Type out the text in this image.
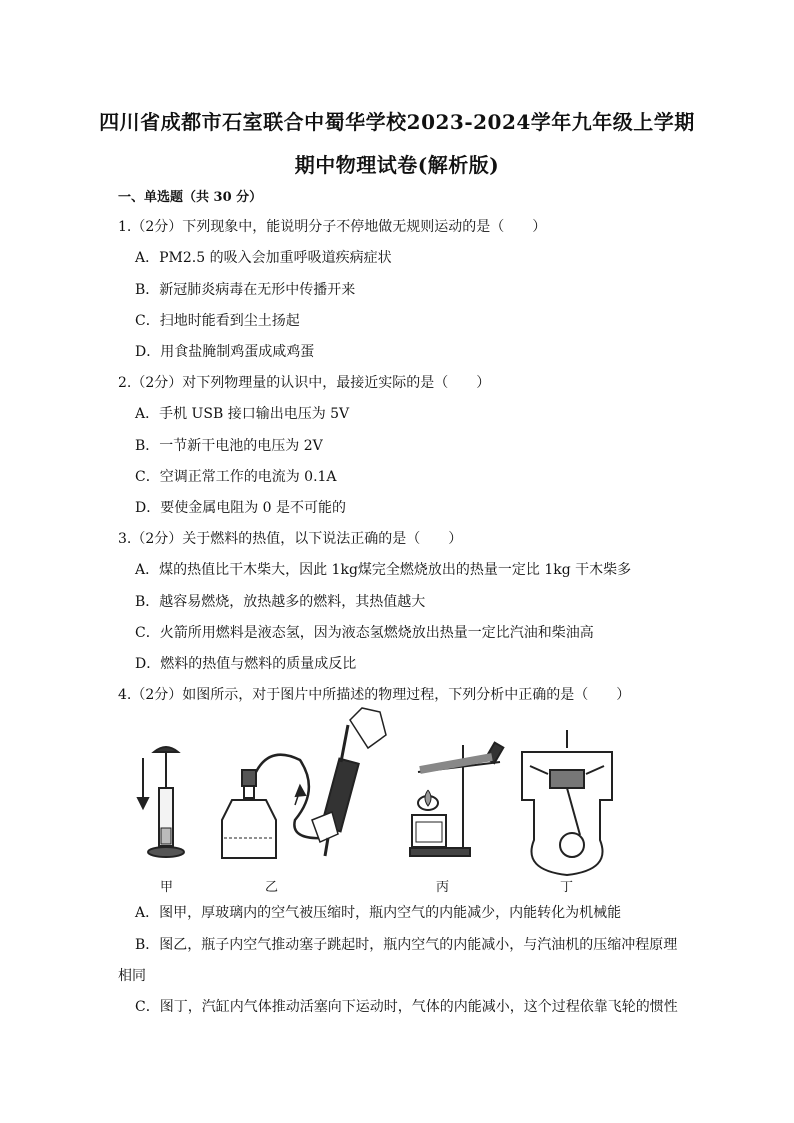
四川省成都市石室联合中蜀华学校2023-2024学年九年级上学期
期中物理试卷(解析版)
一、单选题（共 30 分）
1.（2分）下列现象中，能说明分子不停地做无规则运动的是（　　）
A．PM2.5 的吸入会加重呼吸道疾病症状
B．新冠肺炎病毒在无形中传播开来
C．扫地时能看到尘土扬起
D．用食盐腌制鸡蛋成咸鸡蛋
2.（2分）对下列物理量的认识中，最接近实际的是（　　）
A．手机 USB 接口输出电压为 5V
B．一节新干电池的电压为 2V
C．空调正常工作的电流为 0.1A
D．要使金属电阻为 0 是不可能的
3.（2分）关于燃料的热值，以下说法正确的是（　　）
A．煤的热值比干木柴大，因此 1kg煤完全燃烧放出的热量一定比 1kg 干木柴多
B．越容易燃烧，放热越多的燃料，其热值越大
C．火箭所用燃料是液态氢，因为液态氢燃烧放出热量一定比汽油和柴油高
D．燃料的热值与燃料的质量成反比
4.（2分）如图所示，对于图片中所描述的物理过程，下列分析中正确的是（　　）
甲	乙	丙	丁
A．图甲，厚玻璃内的空气被压缩时，瓶内空气的内能减少，内能转化为机械能
B．图乙，瓶子内空气推动塞子跳起时，瓶内空气的内能减小，与汽油机的压缩冲程原理
相同
C．图丁，汽缸内气体推动活塞向下运动时，气体的内能减小，这个过程依靠飞轮的惯性
